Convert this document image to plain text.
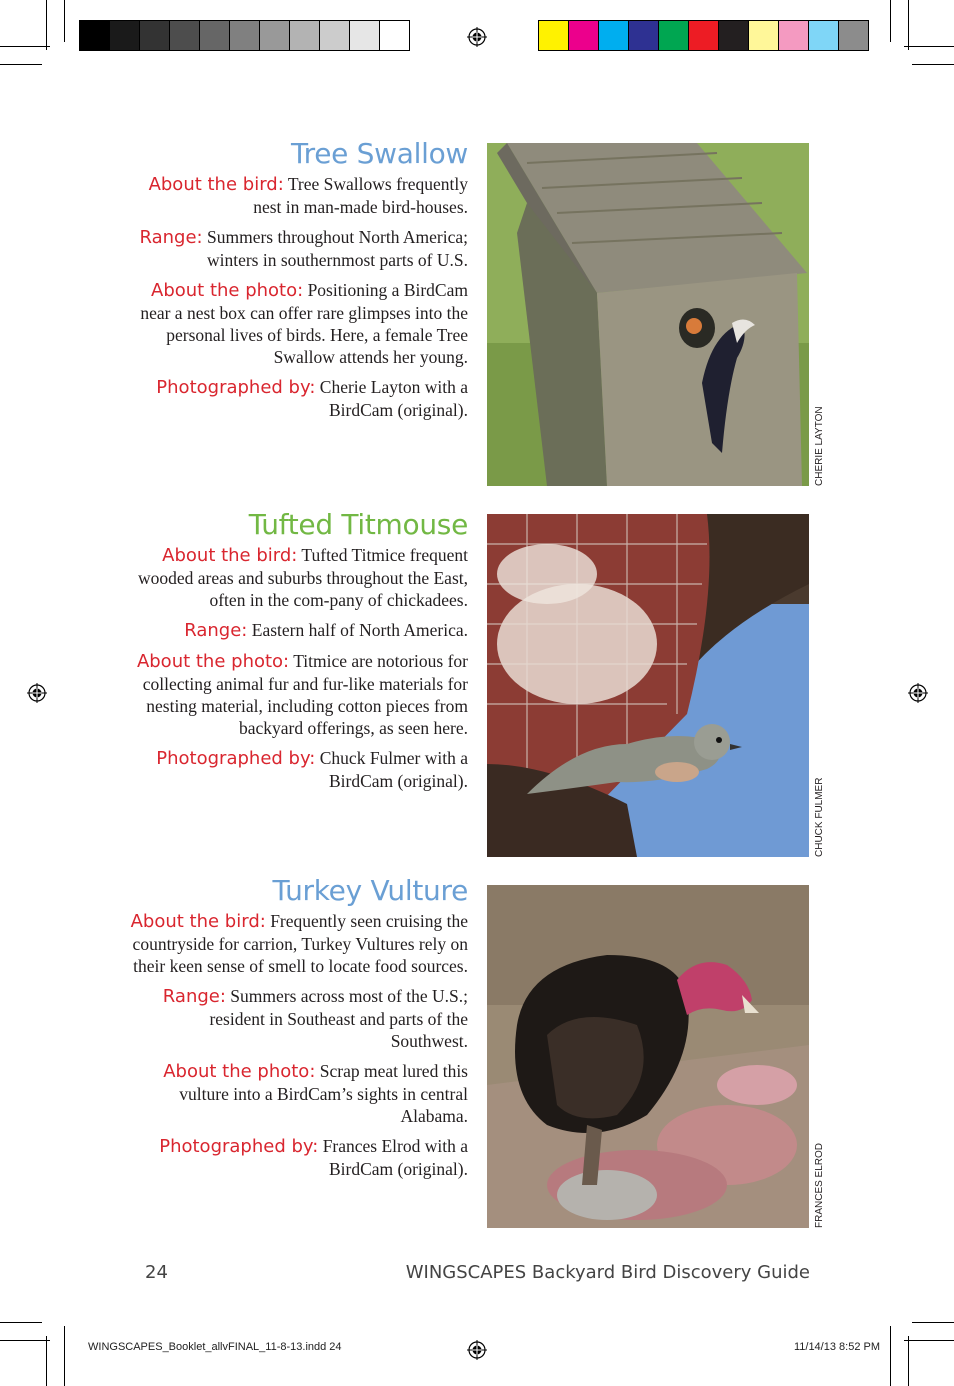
Tree Swallow

About the bird: Tree Swallows frequently nest in man-made bird-houses.

Range: Summers throughout North America; winters in southernmost parts of U.S.

About the photo: Positioning a BirdCam near a nest box can offer rare glimpses into the personal lives of birds. Here, a female Tree Swallow attends her young.

Photographed by: Cherie Layton with a BirdCam (original).	CHERIE LAYTON
Tufted Titmouse

About the bird: Tufted Titmice frequent wooded areas and suburbs throughout the East, often in the com-pany of chickadees.

Range: Eastern half of North America.

About the photo: Titmice are notorious for collecting animal fur and fur-like materials for nesting material, including cotton pieces from backyard offerings, as seen here.

Photographed by: Chuck Fulmer with a BirdCam (original).	CHUCK FULMER
Turkey Vulture

About the bird: Frequently seen cruising the countryside for carrion, Turkey Vultures rely on their keen sense of smell to locate food sources.

Range: Summers across most of the U.S.; resident in Southeast and parts of the Southwest.

About the photo: Scrap meat lured this vulture into a BirdCam’s sights in central Alabama.

Photographed by: Frances Elrod with a BirdCam (original).	FRANCES ELROD
24	WINGSCAPES Backyard Bird Discovery Guide
WINGSCAPES_Booklet_allvFINAL_11-8-13.indd 24	11/14/13 8:52 PM
